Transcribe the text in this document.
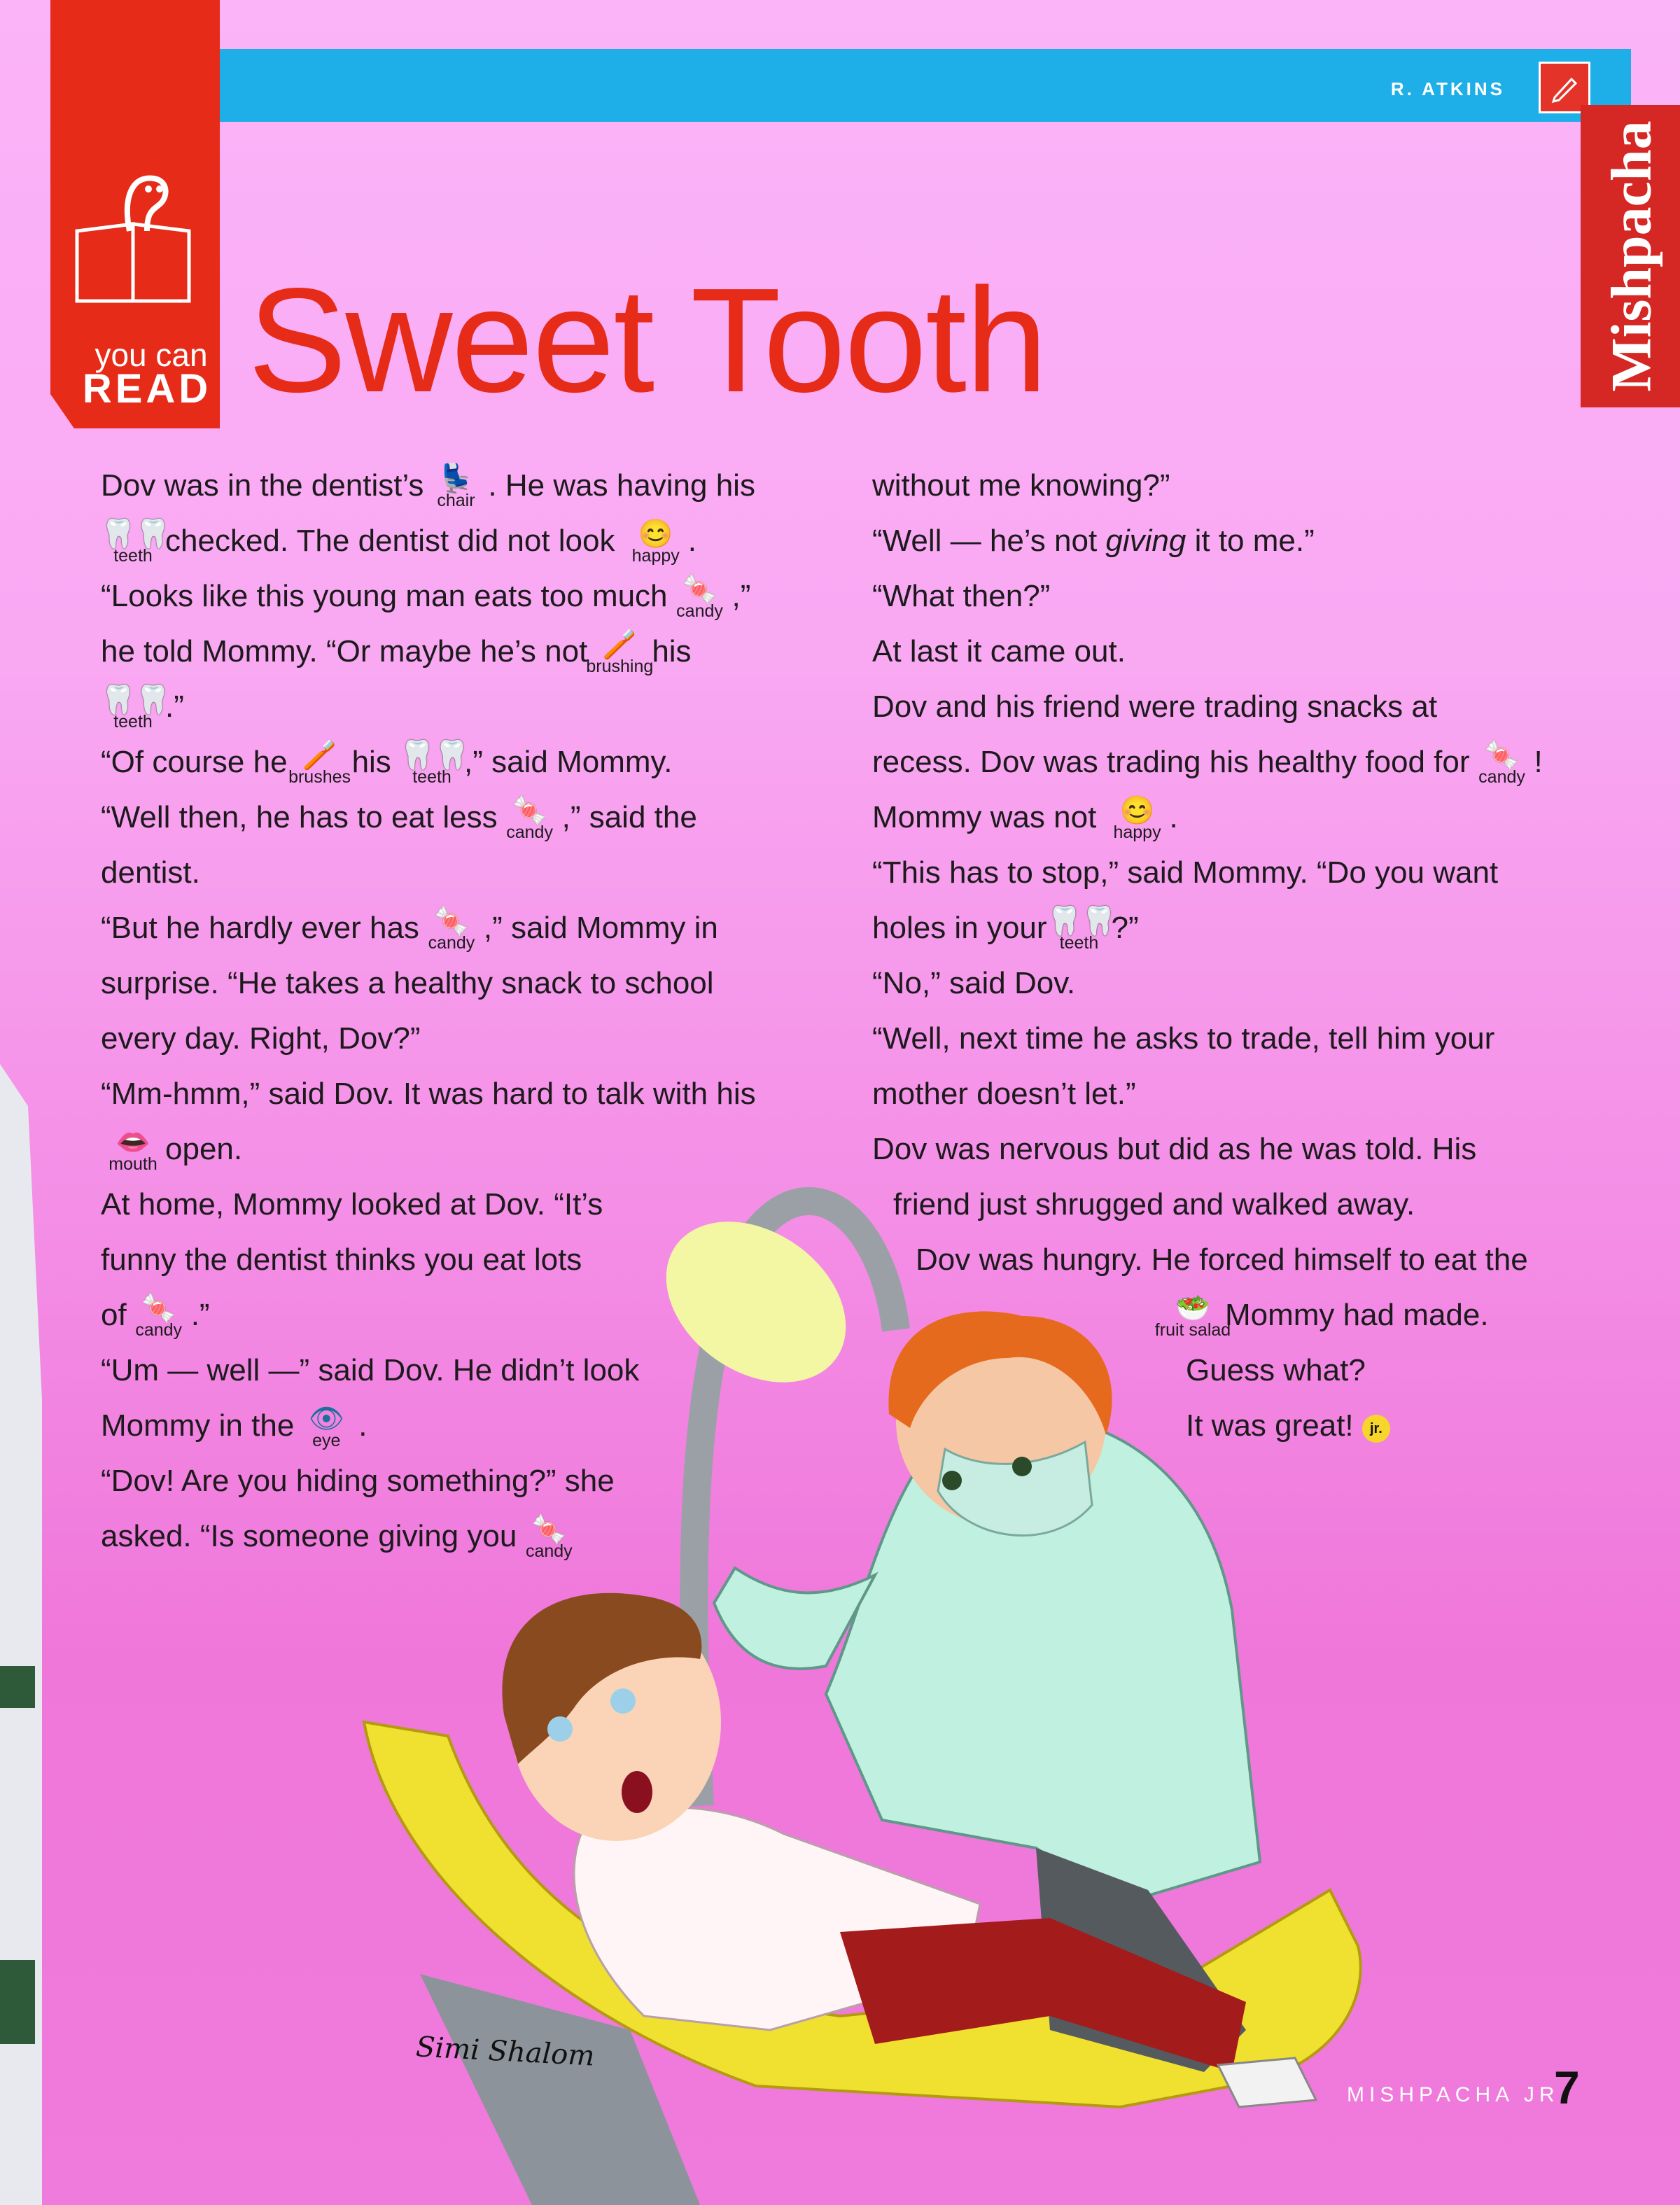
R. ATKINS
Mishpacha
you can
READ Sweet Tooth

Dov was in the dentist’s 💺
chair . He was having his

🦷🦷
teeth checked. The dentist did not look 😊
happy .

“Looks like this young man eats too much 🍬
candy ,”

he told Mommy. “Or maybe he’s not 🪥
brushing
his

🦷🦷
teeth .”

“Of course he 🪥
brushes his 🦷🦷
teeth ,” said Mommy.

“Well then, he has to eat less 🍬
candy ,” said the

dentist.

“But he hardly ever has 🍬
candy ,” said Mommy in

surprise. “He takes a healthy snack to school

every day. Right, Dov?”

“Mm-hmm,” said Dov. It was hard to talk with his

👄
mouth open.

At home, Mommy looked at Dov. “It’s

funny the dentist thinks you eat lots

of 🍬
candy .”

“Um — well —” said Dov. He didn’t look

Mommy in the 👁
eye .

“Dov! Are you hiding something?” she

asked. “Is someone giving you 🍬
candy

without me knowing?”

“Well — he’s not giving it to me.”

“What then?”

At last it came out.

Dov and his friend were trading snacks at

recess. Dov was trading his healthy food for 🍬
candy !

Mommy was not 😊
happy .

“This has to stop,” said Mommy. “Do you want

holes in your 🦷🦷
teeth ?”

“No,” said Dov.

“Well, next time he asks to trade, tell him your

mother doesn’t let.”

Dov was nervous but did as he was told. His

friend just shrugged and walked away.

Dov was hungry. He forced himself to eat the

🥗
fruit salad
Mommy had made.

Guess what?

It was great! jr.

Simi Shalom
MISHPACHA JR.
7
